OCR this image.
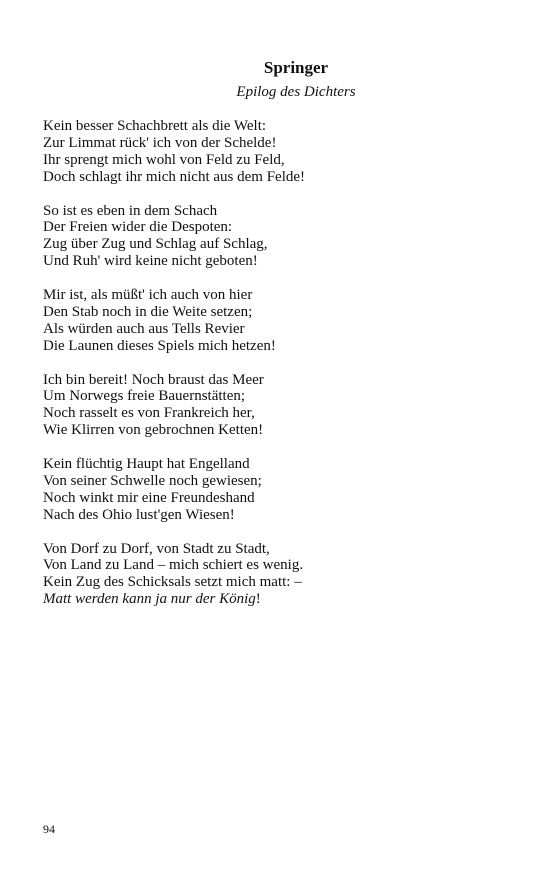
Springer
Epilog des Dichters
Kein besser Schachbrett als die Welt:
Zur Limmat rück' ich von der Schelde!
Ihr sprengt mich wohl von Feld zu Feld,
Doch schlagt ihr mich nicht aus dem Felde!
So ist es eben in dem Schach
Der Freien wider die Despoten:
Zug über Zug und Schlag auf Schlag,
Und Ruh' wird keine nicht geboten!
Mir ist, als müßt' ich auch von hier
Den Stab noch in die Weite setzen;
Als würden auch aus Tells Revier
Die Launen dieses Spiels mich hetzen!
Ich bin bereit! Noch braust das Meer
Um Norwegs freie Bauernstätten;
Noch rasselt es von Frankreich her,
Wie Klirren von gebrochnen Ketten!
Kein flüchtig Haupt hat Engelland
Von seiner Schwelle noch gewiesen;
Noch winkt mir eine Freundeshand
Nach des Ohio lust'gen Wiesen!
Von Dorf zu Dorf, von Stadt zu Stadt,
Von Land zu Land – mich schiert es wenig.
Kein Zug des Schicksals setzt mich matt: –
Matt werden kann ja nur der König!
94
